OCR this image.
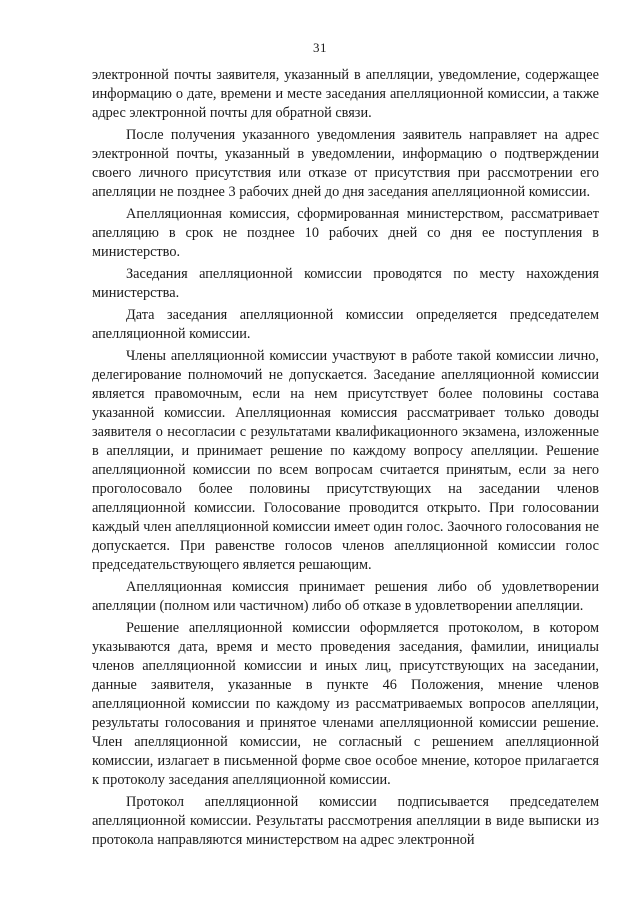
31

электронной почты заявителя, указанный в апелляции, уведомление, содержащее информацию о дате, времени и месте заседания апелляционной комиссии, а также адрес электронной почты для обратной связи.

После получения указанного уведомления заявитель направляет на адрес электронной почты, указанный в уведомлении, информацию о подтверждении своего личного присутствия или отказе от присутствия при рассмотрении его апелляции не позднее 3 рабочих дней до дня заседания апелляционной комиссии.

Апелляционная комиссия, сформированная министерством, рассматривает апелляцию в срок не позднее 10 рабочих дней со дня ее поступления в министерство.

Заседания апелляционной комиссии проводятся по месту нахождения министерства.

Дата заседания апелляционной комиссии определяется председателем апелляционной комиссии.

Члены апелляционной комиссии участвуют в работе такой комиссии лично, делегирование полномочий не допускается. Заседание апелляционной комиссии является правомочным, если на нем присутствует более половины состава указанной комиссии. Апелляционная комиссия рассматривает только доводы заявителя о несогласии с результатами квалификационного экзамена, изложенные в апелляции, и принимает решение по каждому вопросу апелляции. Решение апелляционной комиссии по всем вопросам считается принятым, если за него проголосовало более половины присутствующих на заседании членов апелляционной комиссии. Голосование проводится открыто. При голосовании каждый член апелляционной комиссии имеет один голос. Заочного голосования не допускается. При равенстве голосов членов апелляционной комиссии голос председательствующего является решающим.

Апелляционная комиссия принимает решения либо об удовлетворении апелляции (полном или частичном) либо об отказе в удовлетворении апелляции.

Решение апелляционной комиссии оформляется протоколом, в котором указываются дата, время и место проведения заседания, фамилии, инициалы членов апелляционной комиссии и иных лиц, присутствующих на заседании, данные заявителя, указанные в пункте 46 Положения, мнение членов апелляционной комиссии по каждому из рассматриваемых вопросов апелляции, результаты голосования и принятое членами апелляционной комиссии решение. Член апелляционной комиссии, не согласный с решением апелляционной комиссии, излагает в письменной форме свое особое мнение, которое прилагается к протоколу заседания апелляционной комиссии.

Протокол апелляционной комиссии подписывается председателем апелляционной комиссии. Результаты рассмотрения апелляции в виде выписки из протокола направляются министерством на адрес электронной
